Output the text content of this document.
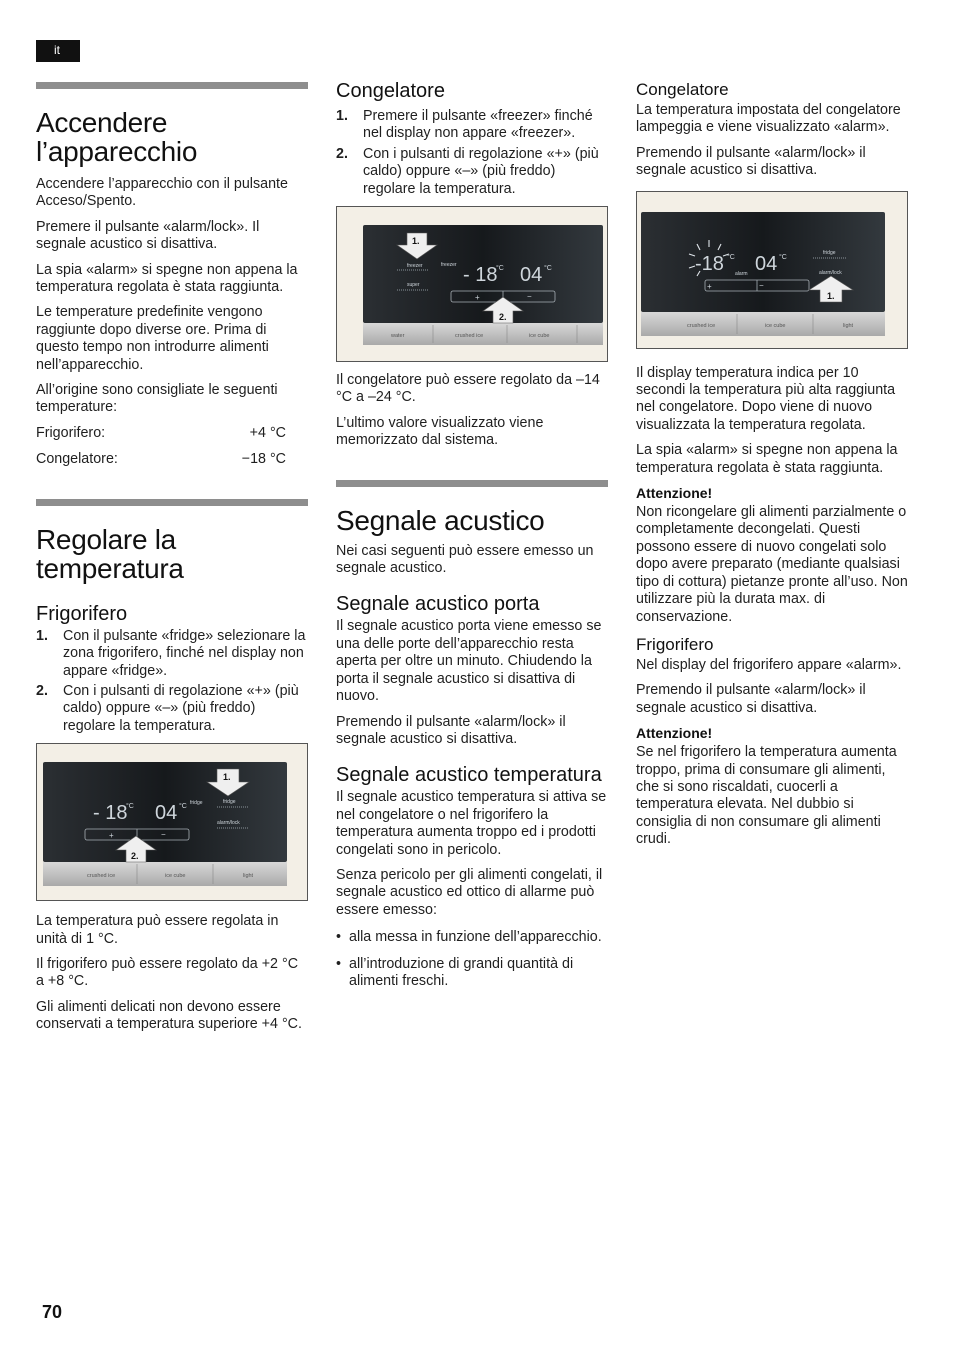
it
Accendere l’apparecchio

Accendere l’apparecchio con il pulsante Acceso/Spento.

Premere il pulsante «alarm/lock». Il segnale acustico si disattiva.

La spia «alarm» si spegne non appena la temperatura regolata è stata raggiunta.

Le temperature predefinite vengono raggiunte dopo diverse ore. Prima di questo tempo non introdurre alimenti nell’apparecchio.

All’origine sono consigliate le seguenti temperature:

Frigorifero:	+4 °C
Congelatore:	−18 °C
Regolare la temperatura
Frigorifero
1. Con il pulsante «fridge» selezionare la zona frigorifero, finché nel display non appare «fridge».
2. Con i pulsanti di regolazione «+» (più caldo) oppure «–» (più freddo) regolare la temperatura.
- 18
°C 04 °C fridge	fridge
alarm/lock
+	−
1.
2.
crushed ice	ice cube	light

La temperatura può essere regolata in unità di 1 °C.

Il frigorifero può essere regolato da +2 °C a +8 °C.

Gli alimenti delicati non devono essere conservati a temperatura superiore +4 °C.

Congelatore
1. Premere il pulsante «freezer» finché nel display non appare «freezer».
2. Con i pulsanti di regolazione «+» (più caldo) oppure «–» (più freddo) regolare la temperatura.
freezer	freezer
super - 18
°C 04 °C
+	−
1.
2.
water	crushed ice	ice cube

Il congelatore può essere regolato da –14 °C a –24 °C.

L’ultimo valore visualizzato viene memorizzato dal sistema.

Segnale acustico

Nei casi seguenti può essere emesso un segnale acustico.

Segnale acustico porta

Il segnale acustico porta viene emesso se una delle porte dell’apparecchio resta aperta per oltre un minuto. Chiudendo la porta il segnale acustico si disattiva di nuovo.

Premendo il pulsante «alarm/lock» il segnale acustico si disattiva.

Segnale acustico temperatura

Il segnale acustico temperatura si attiva se nel congelatore o nel frigorifero la temperatura aumenta troppo ed i prodotti congelati sono in pericolo.

Senza pericolo per gli alimenti congelati, il segnale acustico ed ottico di allarme può essere emesso:

• alla messa in funzione dell’apparecchio.
• all’introduzione di grandi quantità di alimenti freschi.
Congelatore

La temperatura impostata del congelatore lampeggia e viene visualizzato «alarm».

Premendo il pulsante «alarm/lock» il segnale acustico si disattiva.

-18 °C
alarm 04 °C
fridge
alarm/lock
+	−
1.
crushed ice	ice cube	light

Il display temperatura indica per 10 secondi la temperatura più alta raggiunta nel congelatore. Dopo viene di nuovo visualizzata la temperatura regolata.

La spia «alarm» si spegne non appena la temperatura regolata è stata raggiunta.

Attenzione!

Non ricongelare gli alimenti parzialmente o completamente decongelati. Questi possono essere di nuovo congelati solo dopo avere preparato (mediante qualsiasi tipo di cottura) pietanze pronte all’uso. Non utilizzare più la durata max. di conservazione.

Frigorifero

Nel display del frigorifero appare «alarm».

Premendo il pulsante «alarm/lock» il segnale acustico si disattiva.

Attenzione!

Se nel frigorifero la temperatura aumenta troppo, prima di consumare gli alimenti, che si sono riscaldati, cuocerli a temperatura elevata. Nel dubbio si consiglia di non consumare gli alimenti crudi.

70
